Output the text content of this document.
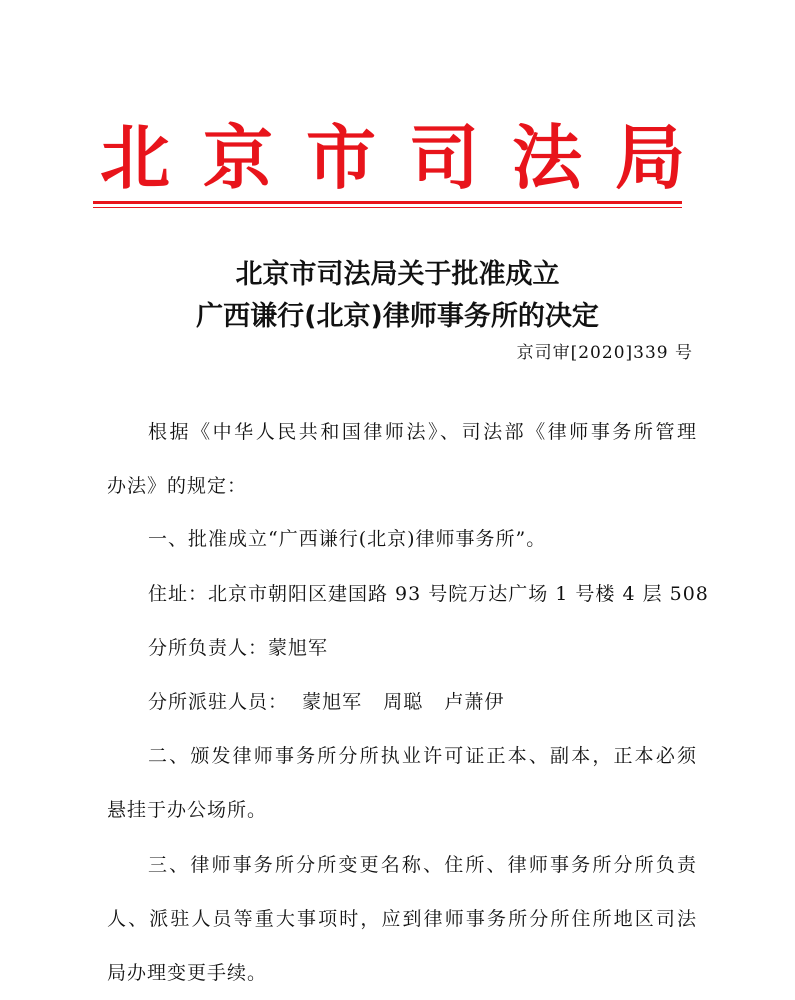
北 京 市 司 法 局
北京市司法局关于批准成立
广西谦行(北京)律师事务所的决定
京司审[2020]339 号
根据《中华人民共和国律师法》、司法部《律师事务所管理
办法》的规定：
一、批准成立“广西谦行(北京)律师事务所”。
住址：北京市朝阳区建国路 93 号院万达广场 1 号楼 4 层 508
分所负责人：蒙旭军
分所派驻人员：  蒙旭军   周聪   卢萧伊
二、颁发律师事务所分所执业许可证正本、副本，正本必须
悬挂于办公场所。
三、律师事务所分所变更名称、住所、律师事务所分所负责
人、派驻人员等重大事项时，应到律师事务所分所住所地区司法
局办理变更手续。
